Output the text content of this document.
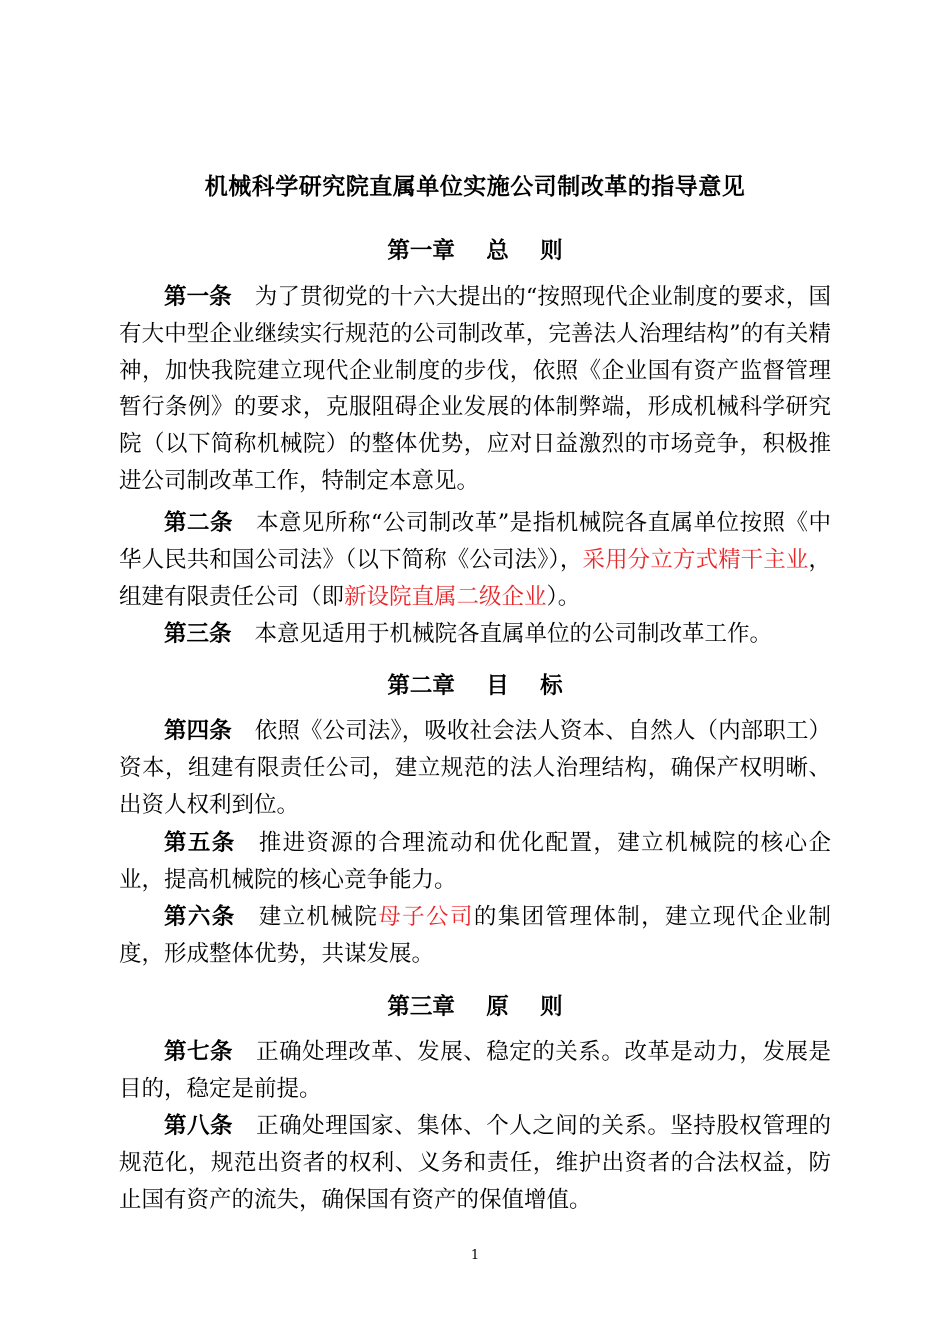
机械科学研究院直属单位实施公司制改革的指导意见
第一章    总    则

第一条 为了贯彻党的十六大提出的“按照现代企业制度的要求，国有大中型企业继续实行规范的公司制改革，完善法人治理结构”的有关精神，加快我院建立现代企业制度的步伐，依照《企业国有资产监督管理暂行条例》的要求，克服阻碍企业发展的体制弊端，形成机械科学研究院（以下简称机械院）的整体优势，应对日益激烈的市场竞争，积极推进公司制改革工作，特制定本意见。

第二条 本意见所称“公司制改革”是指机械院各直属单位按照《中华人民共和国公司法》（以下简称《公司法》），采用分立方式精干主业，组建有限责任公司（即新设院直属二级企业）。

第三条 本意见适用于机械院各直属单位的公司制改革工作。

第二章    目    标

第四条 依照《公司法》，吸收社会法人资本、自然人（内部职工）资本，组建有限责任公司，建立规范的法人治理结构，确保产权明晰、出资人权利到位。

第五条 推进资源的合理流动和优化配置，建立机械院的核心企业，提高机械院的核心竞争能力。

第六条 建立机械院母子公司的集团管理体制，建立现代企业制度，形成整体优势，共谋发展。

第三章    原    则

第七条 正确处理改革、发展、稳定的关系。改革是动力，发展是目的，稳定是前提。

第八条 正确处理国家、集体、个人之间的关系。坚持股权管理的规范化，规范出资者的权利、义务和责任，维护出资者的合法权益，防止国有资产的流失，确保国有资产的保值增值。

1
